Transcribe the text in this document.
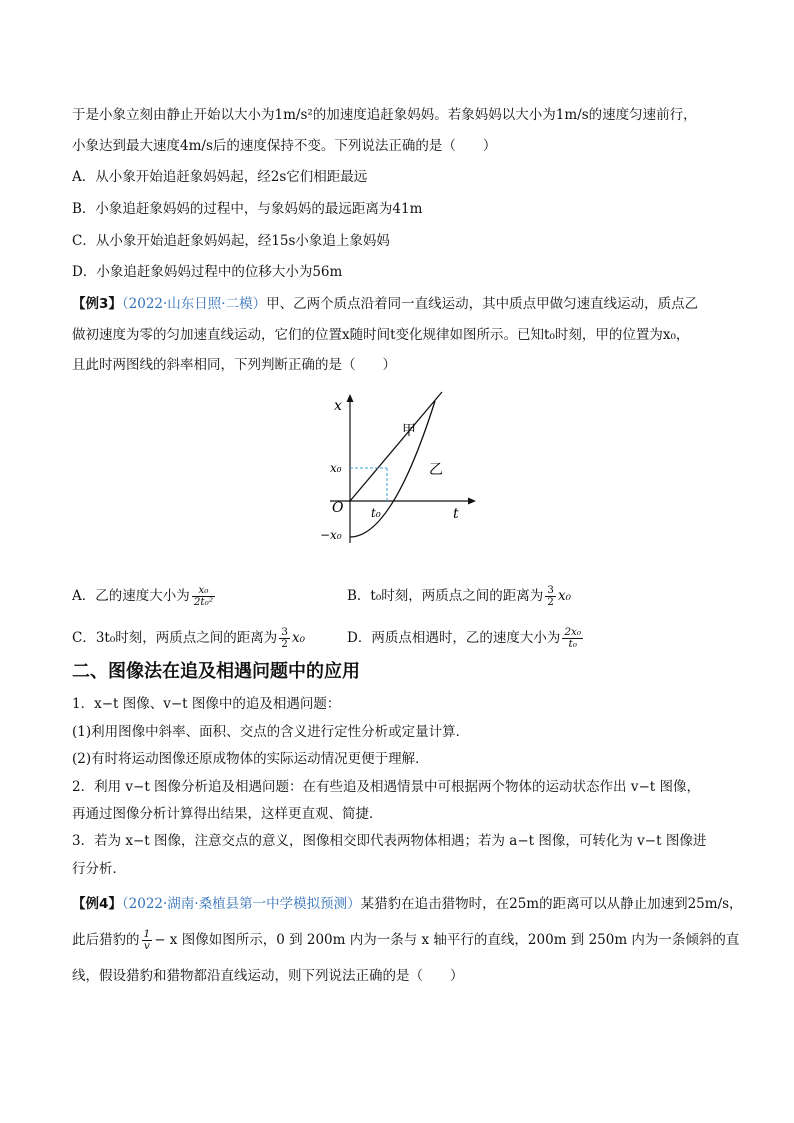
于是小象立刻由静止开始以大小为1m/s²的加速度追赶象妈妈。若象妈妈以大小为1m/s的速度匀速前行，
小象达到最大速度4m/s后的速度保持不变。下列说法正确的是（　　）
A．从小象开始追赶象妈妈起，经2s它们相距最远
B．小象追赶象妈妈的过程中，与象妈妈的最远距离为41m
C．从小象开始追赶象妈妈起，经15s小象追上象妈妈
D．小象追赶象妈妈过程中的位移大小为56m
【例3】（2022·山东日照·二模）甲、乙两个质点沿着同一直线运动，其中质点甲做匀速直线运动，质点乙
做初速度为零的匀加速直线运动，它们的位置x随时间t变化规律如图所示。已知t₀时刻，甲的位置为x₀，
且此时两图线的斜率相同，下列判断正确的是（　　）
x
t
O
x₀
−x₀
t₀
甲
乙
A．乙的速度大小为 $\frac{\text{x₀}}{\text{2t₀²}}$	B．t₀时刻，两质点之间的距离为 $\frac{3}{2} x_0$
C．3t₀时刻，两质点之间的距离为 $\frac{3}{2} x_0$	D．两质点相遇时，乙的速度大小为 $\frac{\text{2x₀}}{\text{t₀}}$
二、图像法在追及相遇问题中的应用
1．x−t 图像、v−t 图像中的追及相遇问题：
(1)利用图像中斜率、面积、交点的含义进行定性分析或定量计算．
(2)有时将运动图像还原成物体的实际运动情况更便于理解．
2．利用 v−t 图像分析追及相遇问题：在有些追及相遇情景中可根据两个物体的运动状态作出 v−t 图像，
再通过图像分析计算得出结果，这样更直观、简捷．
3．若为 x−t 图像，注意交点的意义，图像相交即代表两物体相遇；若为 a−t 图像，可转化为 v−t 图像进
行分析．
【例4】（2022·湖南·桑植县第一中学模拟预测）某猎豹在追击猎物时，在25m的距离可以从静止加速到25m/s，
此后猎豹的 $\frac{1}{v} - x$ 图像如图所示，0 到 200m 内为一条与 x 轴平行的直线，200m 到 250m 内为一条倾斜的直
线，假设猎豹和猎物都沿直线运动，则下列说法正确的是（　　）
